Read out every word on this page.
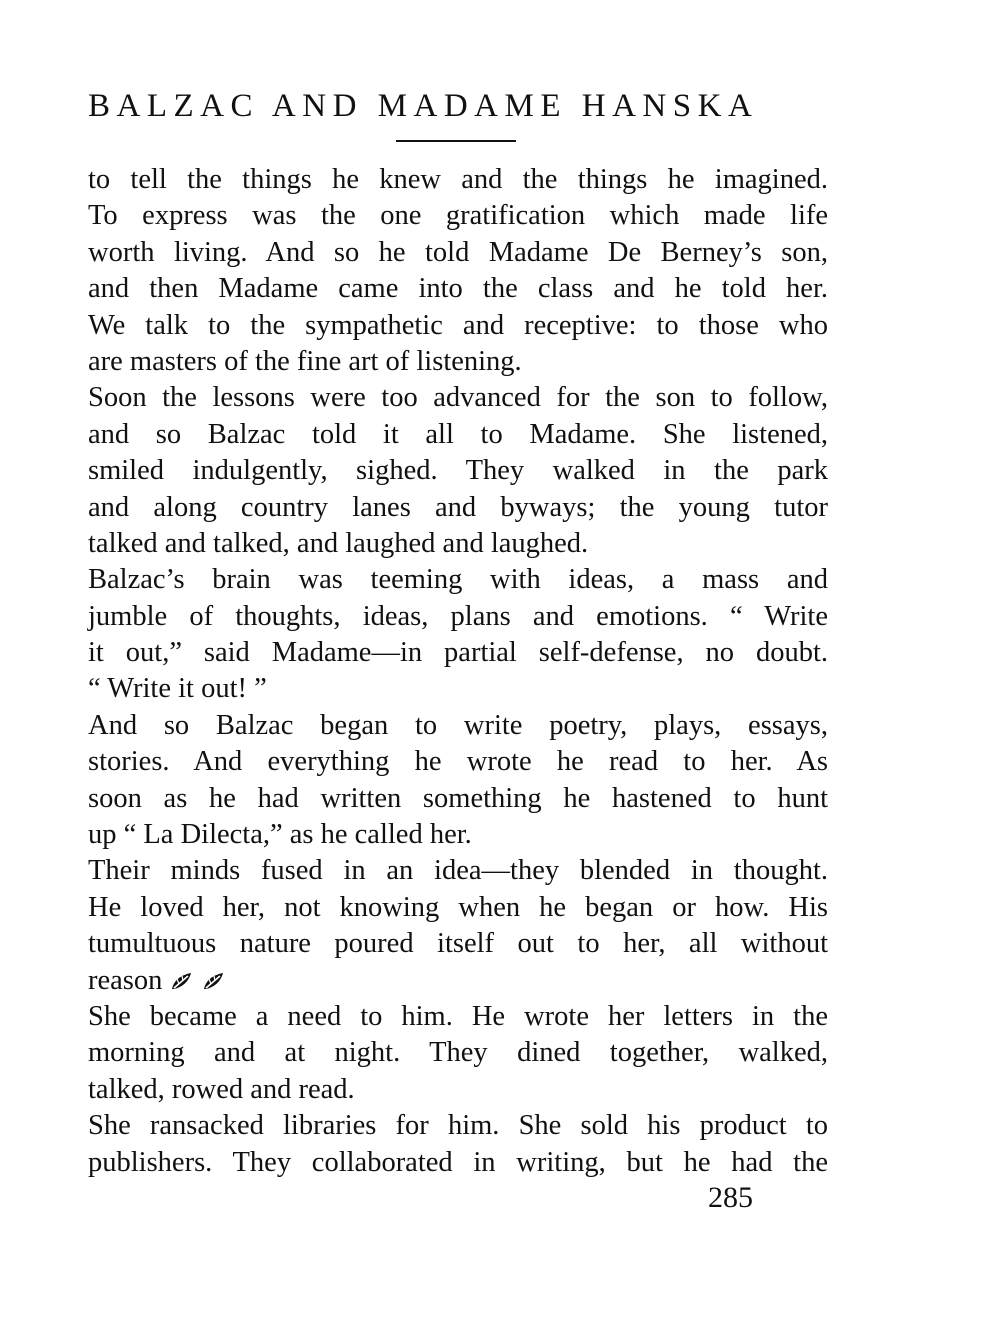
BALZAC AND MADAME HANSKA
to tell the things he knew and the things he imagined.
To express was the one gratification which made life
worth living. And so he told Madame De Berney’s son,
and then Madame came into the class and he told her.
We talk to the sympathetic and receptive: to those who
are masters of the fine art of listening.
Soon the lessons were too advanced for the son to follow,
and so Balzac told it all to Madame. She listened,
smiled indulgently, sighed. They walked in the park
and along country lanes and byways; the young tutor
talked and talked, and laughed and laughed.
Balzac’s brain was teeming with ideas, a mass and
jumble of thoughts, ideas, plans and emotions. “ Write
it out,” said Madame—in partial self-defense, no doubt.
“ Write it out! ”
And so Balzac began to write poetry, plays, essays,
stories. And everything he wrote he read to her. As
soon as he had written something he hastened to hunt
up “ La Dilecta,” as he called her.
Their minds fused in an idea—they blended in thought.
He loved her, not knowing when he began or how. His
tumultuous nature poured itself out to her, all without
reason
She became a need to him. He wrote her letters in the
morning and at night. They dined together, walked,
talked, rowed and read.
She ransacked libraries for him. She sold his product to
publishers. They collaborated in writing, but he had the
285
